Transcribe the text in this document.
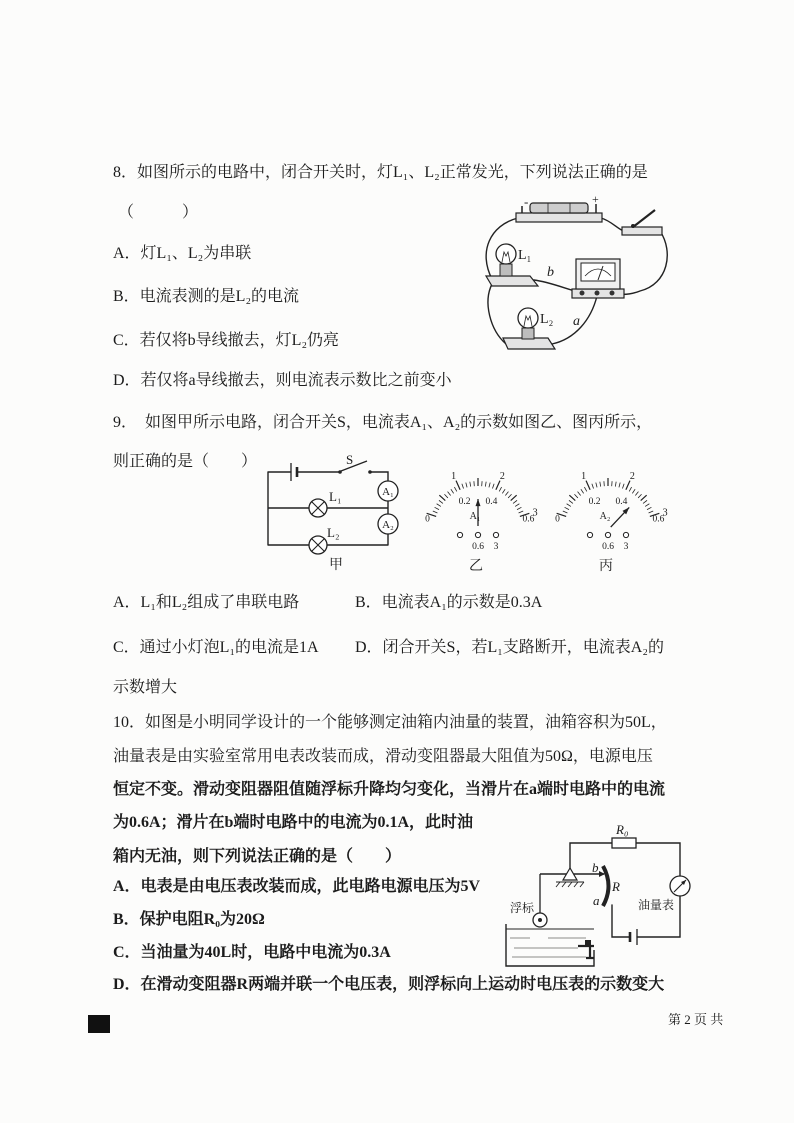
8．如图所示的电路中，闭合开关时，灯L₁、L₂正常发光，下列说法正确的是
（　　　）
A．灯L₁、L₂为串联
B．电流表测的是L₂的电流
C．若仅将b导线撤去，灯L₂仍亮
D．若仅将a导线撤去，则电流表示数比之前变小
-	+
L₁
b
L₂ a
9．　如图甲所示电路，闭合开关S，电流表A₁、A₂的示数如图乙、图丙所示，
则正确的是（　　）	S
L₁
L₂
A₁
A₂
甲
1	2
3
0
0.2 0.4
0.6
A₁
0.6 3
乙
1	2
3
0
0.2 0.4
0.6
A₂
0.6 3
丙
A．L₁和L₂组成了串联电路	B．电流表A₁的示数是0.3A
C．通过小灯泡L₁的电流是1A D．闭合开关S，若L₁支路断开，电流表A₂的
示数增大
10．如图是小明同学设计的一个能够测定油箱内油量的装置，油箱容积为50L，
油量表是由实验室常用电表改装而成，滑动变阻器最大阻值为50Ω，电源电压
恒定不变。滑动变阻器阻值随浮标升降均匀变化，当滑片在a端时电路中的电流
为0.6A；滑片在b端时电路中的电流为0.1A，此时油
箱内无油，则下列说法正确的是（　　）
A．电表是由电压表改装而成，此电路电源电压为5V
B．保护电阻R₀为20Ω
C．当油量为40L时，电路中电流为0.3A
D．在滑动变阻器R两端并联一个电压表，则浮标向上运动时电压表的示数变大
R₀
油量表
R
b
a
浮标
第 2 页 共
